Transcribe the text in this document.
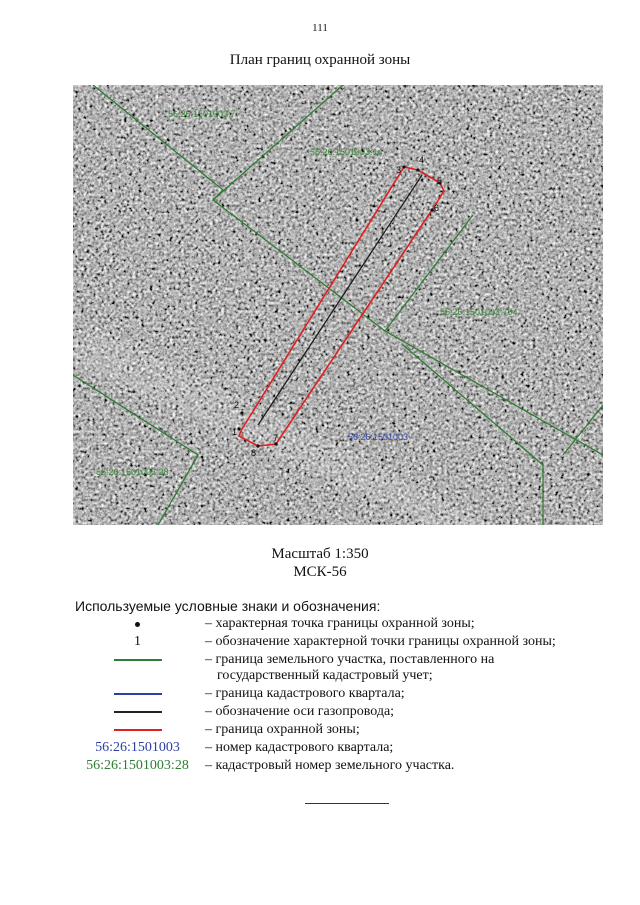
111
План границ охранной зоны
1
2
3
4
5
6
7
8
56:26:1501003:7
56:26:1501003:14
56:26:1501003:704
56:26:1501003:28
56:26:1501003
Масштаб 1:350
МСК-56
Используемые условные знаки и обозначения:
– характерная точка границы охранной зоны;
1	– обозначение характерной точки границы охранной зоны;
– граница земельного участка, поставленного на
государственный кадастровый учет;
– граница кадастрового квартала;
– обозначение оси газопровода;
– граница охранной зоны;
56:26:1501003 – номер кадастрового квартала;
56:26:1501003:28 – кадастровый номер земельного участка.
